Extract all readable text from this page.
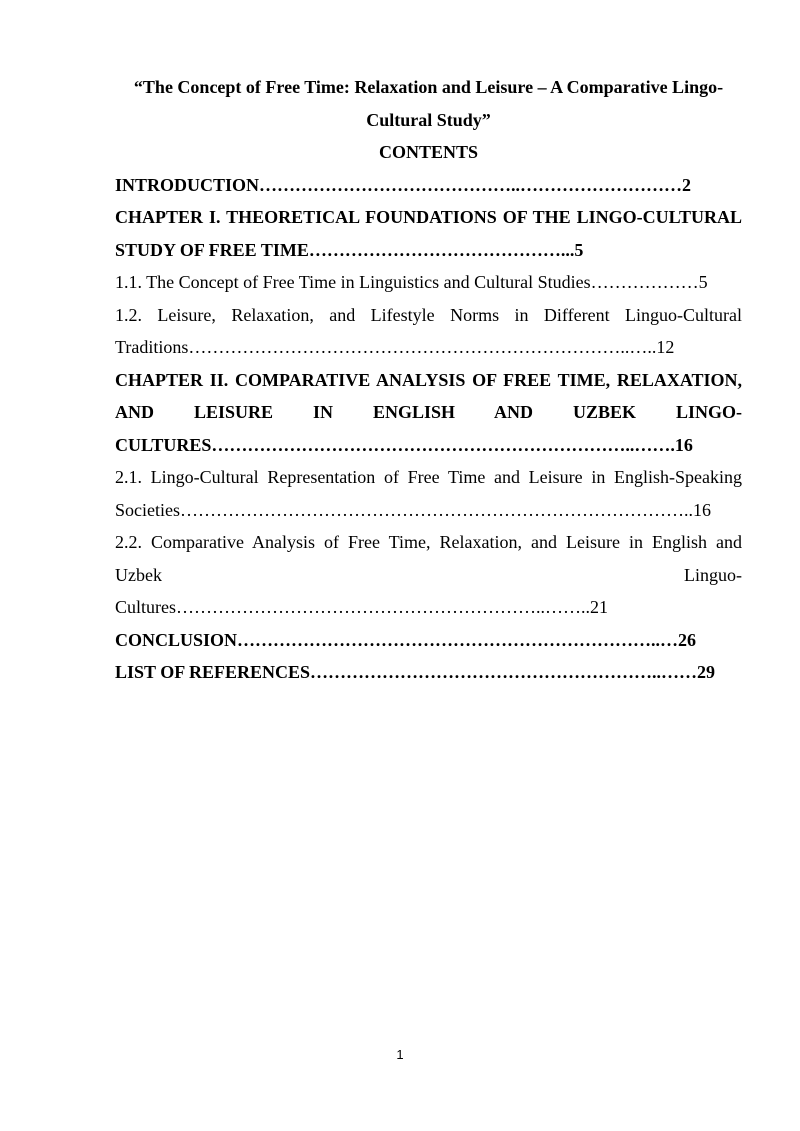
“The Concept of Free Time: Relaxation and Leisure – A Comparative Lingo-Cultural Study”

CONTENTS

INTRODUCTION……………………………………..………………………2

CHAPTER I. THEORETICAL FOUNDATIONS OF THE LINGO-CULTURAL STUDY OF FREE TIME……………………………………...5

1.1. The Concept of Free Time in Linguistics and Cultural Studies………………5

1.2. Leisure, Relaxation, and Lifestyle Norms in Different Linguo-Cultural Traditions………………………………………………………………..…..12

CHAPTER II. COMPARATIVE ANALYSIS OF FREE TIME, RELAXATION, AND LEISURE IN ENGLISH AND UZBEK LINGO-CULTURES……………………………………………………………..…….16

2.1. Lingo-Cultural Representation of Free Time and Leisure in English-Speaking Societies…………………………………………………………………………..16

2.2. Comparative Analysis of Free Time, Relaxation, and Leisure in English and Uzbek Linguo-

Cultures……………………………………………………..……..21

CONCLUSION……………………………………………………………..…26

LIST OF REFERENCES…………………………………………………..……29

1
